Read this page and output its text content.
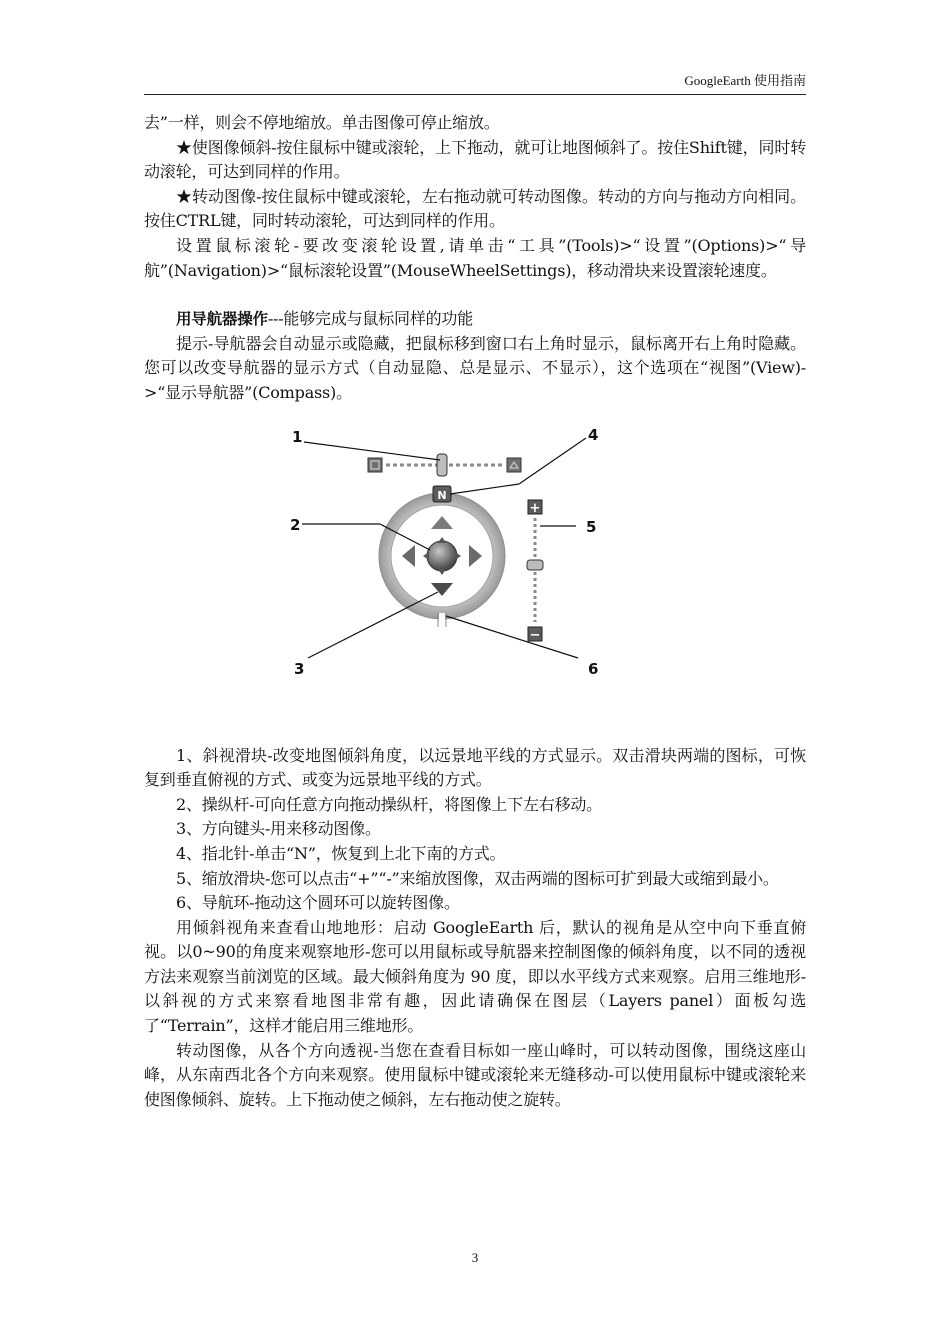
GoogleEarth 使用指南

去”一样，则会不停地缩放。单击图像可停止缩放。

★使图像倾斜-按住鼠标中键或滚轮，上下拖动，就可让地图倾斜了。按住Shift键，同时转动滚轮，可达到同样的作用。

★转动图像-按住鼠标中键或滚轮，左右拖动就可转动图像。转动的方向与拖动方向相同。按住CTRL键，同时转动滚轮，可达到同样的作用。

设置鼠标滚轮-要改变滚轮设置,请单击“工具”(Tools)>“设置”(Options)>“导航”(Navigation)>“鼠标滚轮设置”(MouseWheelSettings)，移动滑块来设置滚轮速度。

用导航器操作---能够完成与鼠标同样的功能

提示-导航器会自动显示或隐藏，把鼠标移到窗口右上角时显示，鼠标离开右上角时隐藏。您可以改变导航器的显示方式（自动显隐、总是显示、不显示），这个选项在“视图”(View)->“显示导航器”(Compass)。

N
+
−
1
2
3
4
5
6

1、斜视滑块-改变地图倾斜角度，以远景地平线的方式显示。双击滑块两端的图标，可恢复到垂直俯视的方式、或变为远景地平线的方式。

2、操纵杆-可向任意方向拖动操纵杆，将图像上下左右移动。

3、方向键头-用来移动图像。

4、指北针-单击“N”，恢复到上北下南的方式。

5、缩放滑块-您可以点击“+”“-”来缩放图像，双击两端的图标可扩到最大或缩到最小。

6、导航环-拖动这个圆环可以旋转图像。

用倾斜视角来查看山地地形：启动 GoogleEarth 后，默认的视角是从空中向下垂直俯视。以0~90的角度来观察地形-您可以用鼠标或导航器来控制图像的倾斜角度，以不同的透视方法来观察当前浏览的区域。最大倾斜角度为 90 度，即以水平线方式来观察。启用三维地形-以斜视的方式来察看地图非常有趣，因此请确保在图层（Layers panel）面板勾选了“Terrain”，这样才能启用三维地形。

转动图像，从各个方向透视-当您在查看目标如一座山峰时，可以转动图像，围绕这座山峰，从东南西北各个方向来观察。使用鼠标中键或滚轮来无缝移动-可以使用鼠标中键或滚轮来使图像倾斜、旋转。上下拖动使之倾斜，左右拖动使之旋转。

3
